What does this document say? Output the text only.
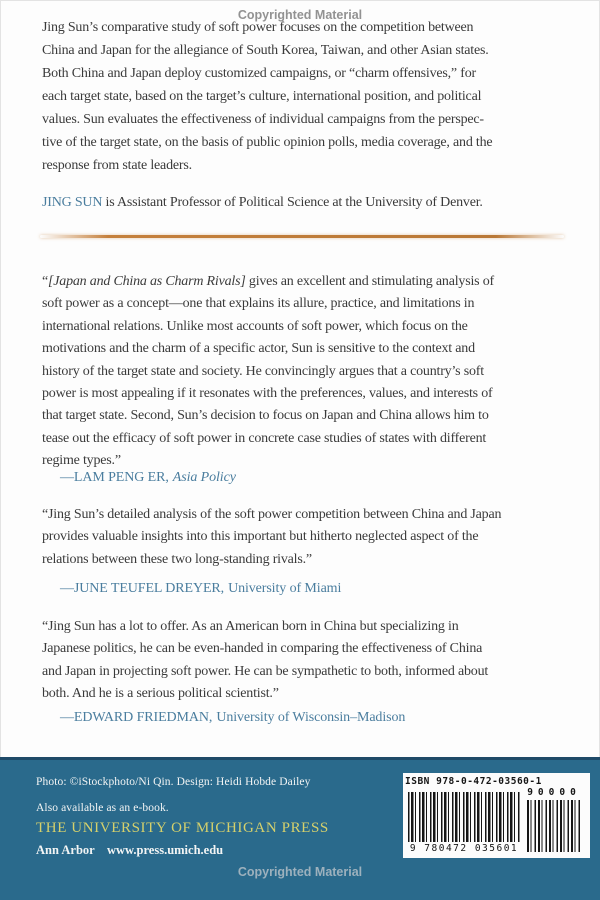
Copyrighted Material
Jing Sun’s comparative study of soft power focuses on the competition between
China and Japan for the allegiance of South Korea, Taiwan, and other Asian states.
Both China and Japan deploy customized campaigns, or “charm offensives,” for
each target state, based on the target’s culture, international position, and political
values. Sun evaluates the effectiveness of individual campaigns from the perspec-
tive of the target state, on the basis of public opinion polls, media coverage, and the
response from state leaders.
JING SUN is Assistant Professor of Political Science at the University of Denver.
“[Japan and China as Charm Rivals] gives an excellent and stimulating analysis of
soft power as a concept—one that explains its allure, practice, and limitations in
international relations. Unlike most accounts of soft power, which focus on the
motivations and the charm of a specific actor, Sun is sensitive to the context and
history of the target state and society. He convincingly argues that a country’s soft
power is most appealing if it resonates with the preferences, values, and interests of
that target state. Second, Sun’s decision to focus on Japan and China allows him to
tease out the efficacy of soft power in concrete case studies of states with different
regime types.”
—LAM PENG ER, Asia Policy
“Jing Sun’s detailed analysis of the soft power competition between China and Japan
provides valuable insights into this important but hitherto neglected aspect of the
relations between these two long-standing rivals.”
—JUNE TEUFEL DREYER, University of Miami
“Jing Sun has a lot to offer. As an American born in China but specializing in
Japanese politics, he can be even-handed in comparing the effectiveness of China
and Japan in projecting soft power. He can be sympathetic to both, informed about
both. And he is a serious political scientist.”
—EDWARD FRIEDMAN, University of Wisconsin–Madison
Photo: ©iStockphoto/Ni Qin. Design: Heidi Hobde Dailey
Also available as an e-book.
THE UNIVERSITY OF MICHIGAN PRESS
Ann Arbor www.press.umich.edu
ISBN 978-0-472-03560-1
9 780472 035601
90000
Copyrighted Material
